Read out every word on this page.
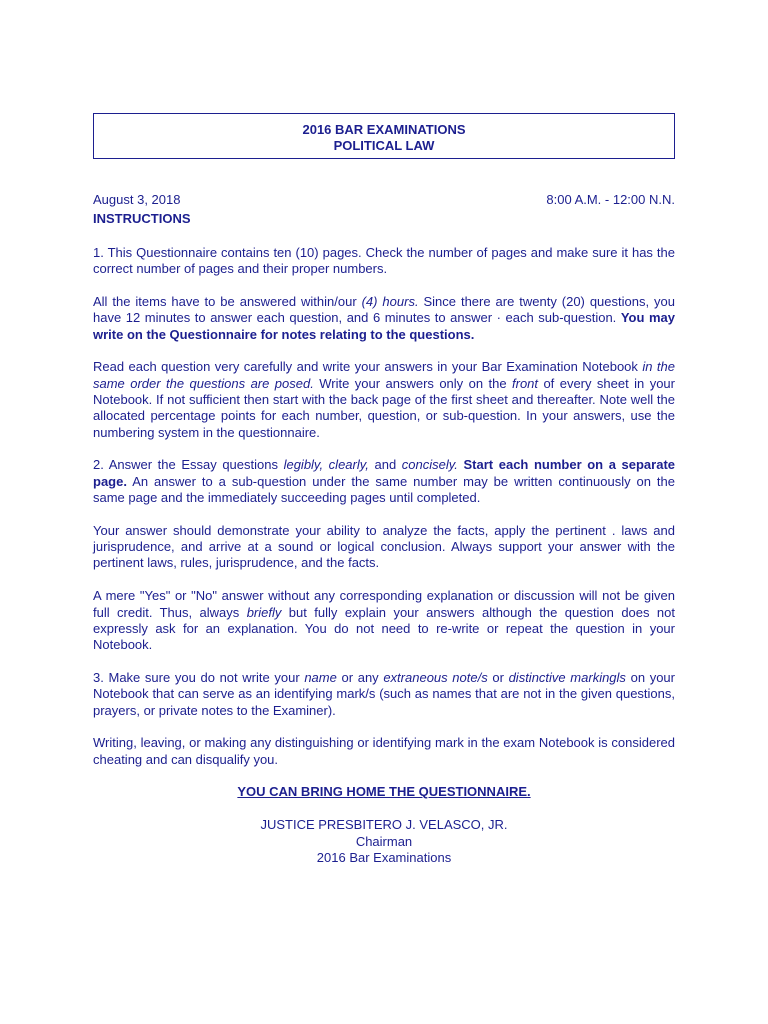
2016 BAR EXAMINATIONS
POLITICAL LAW
August 3, 2018	8:00 A.M. - 12:00 N.N.
INSTRUCTIONS

1. This Questionnaire contains ten (10) pages. Check the number of pages and make sure it has the correct number of pages and their proper numbers.

All the items have to be answered within/our (4) hours. Since there are twenty (20) questions, you have 12 minutes to answer each question, and 6 minutes to answer · each sub-question. You may write on the Questionnaire for notes relating to the questions.

Read each question very carefully and write your answers in your Bar Examination Notebook in the same order the questions are posed. Write your answers only on the front of every sheet in your Notebook. If not sufficient then start with the back page of the first sheet and thereafter. Note well the allocated percentage points for each number, question, or sub-question. In your answers, use the numbering system in the questionnaire.

2. Answer the Essay questions legibly, clearly, and concisely. Start each number on a separate page. An answer to a sub-question under the same number may be written continuously on the same page and the immediately succeeding pages until completed.

Your answer should demonstrate your ability to analyze the facts, apply the pertinent . laws and jurisprudence, and arrive at a sound or logical conclusion. Always support your answer with the pertinent laws, rules, jurisprudence, and the facts.

A mere "Yes" or "No" answer without any corresponding explanation or discussion will not be given full credit. Thus, always briefly but fully explain your answers although the question does not expressly ask for an explanation. You do not need to re-write or repeat the question in your Notebook.

3. Make sure you do not write your name or any extraneous note/s or distinctive markingls on your Notebook that can serve as an identifying mark/s (such as names that are not in the given questions, prayers, or private notes to the Examiner).

Writing, leaving, or making any distinguishing or identifying mark in the exam Notebook is considered cheating and can disqualify you.

YOU CAN BRING HOME THE QUESTIONNAIRE.
JUSTICE PRESBITERO J. VELASCO, JR.
Chairman
2016 Bar Examinations
